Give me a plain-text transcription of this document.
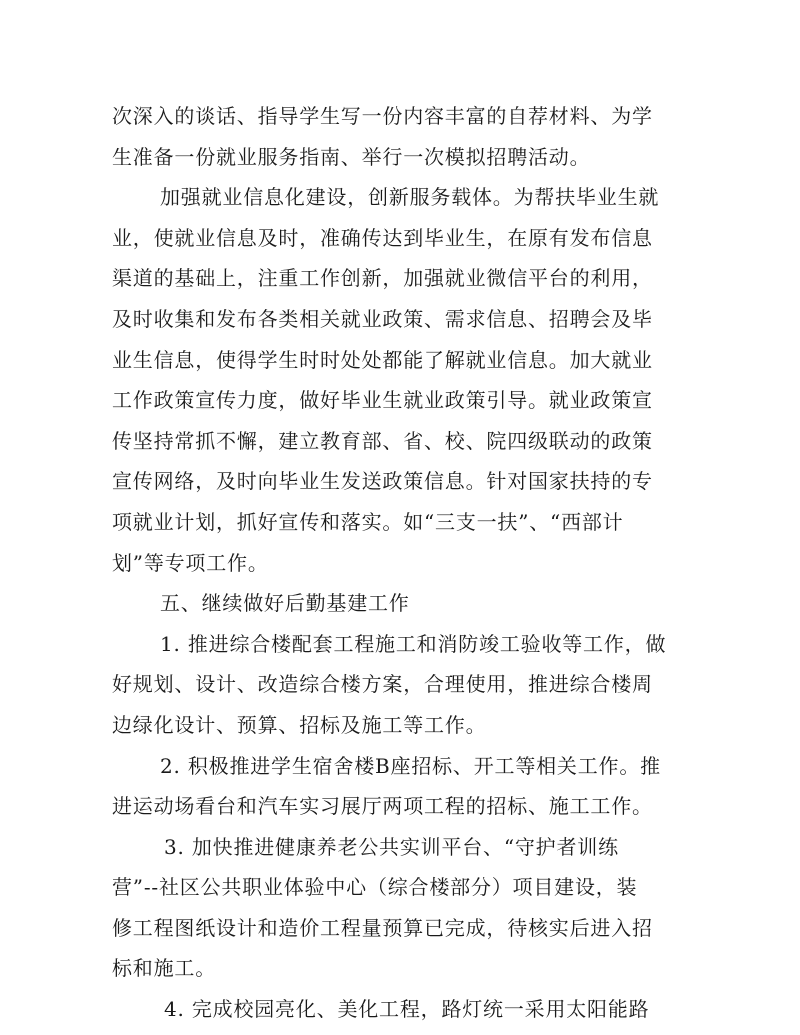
次深入的谈话、指导学生写一份内容丰富的自荐材料、为学
生准备一份就业服务指南、举行一次模拟招聘活动。
加强就业信息化建设，创新服务载体。为帮扶毕业生就
业，使就业信息及时，准确传达到毕业生，在原有发布信息
渠道的基础上，注重工作创新，加强就业微信平台的利用，
及时收集和发布各类相关就业政策、需求信息、招聘会及毕
业生信息，使得学生时时处处都能了解就业信息。加大就业
工作政策宣传力度，做好毕业生就业政策引导。就业政策宣
传坚持常抓不懈，建立教育部、省、校、院四级联动的政策
宣传网络，及时向毕业生发送政策信息。针对国家扶持的专
项就业计划，抓好宣传和落实。如“三支一扶”、“西部计
划”等专项工作。
五、继续做好后勤基建工作
1. 推进综合楼配套工程施工和消防竣工验收等工作，做
好规划、设计、改造综合楼方案，合理使用，推进综合楼周
边绿化设计、预算、招标及施工等工作。
2. 积极推进学生宿舍楼B座招标、开工等相关工作。推
进运动场看台和汽车实习展厅两项工程的招标、施工工作。
3. 加快推进健康养老公共实训平台、“守护者训练
营”--社区公共职业体验中心（综合楼部分）项目建设，装
修工程图纸设计和造价工程量预算已完成，待核实后进入招
标和施工。
4. 完成校园亮化、美化工程，路灯统一采用太阳能路
